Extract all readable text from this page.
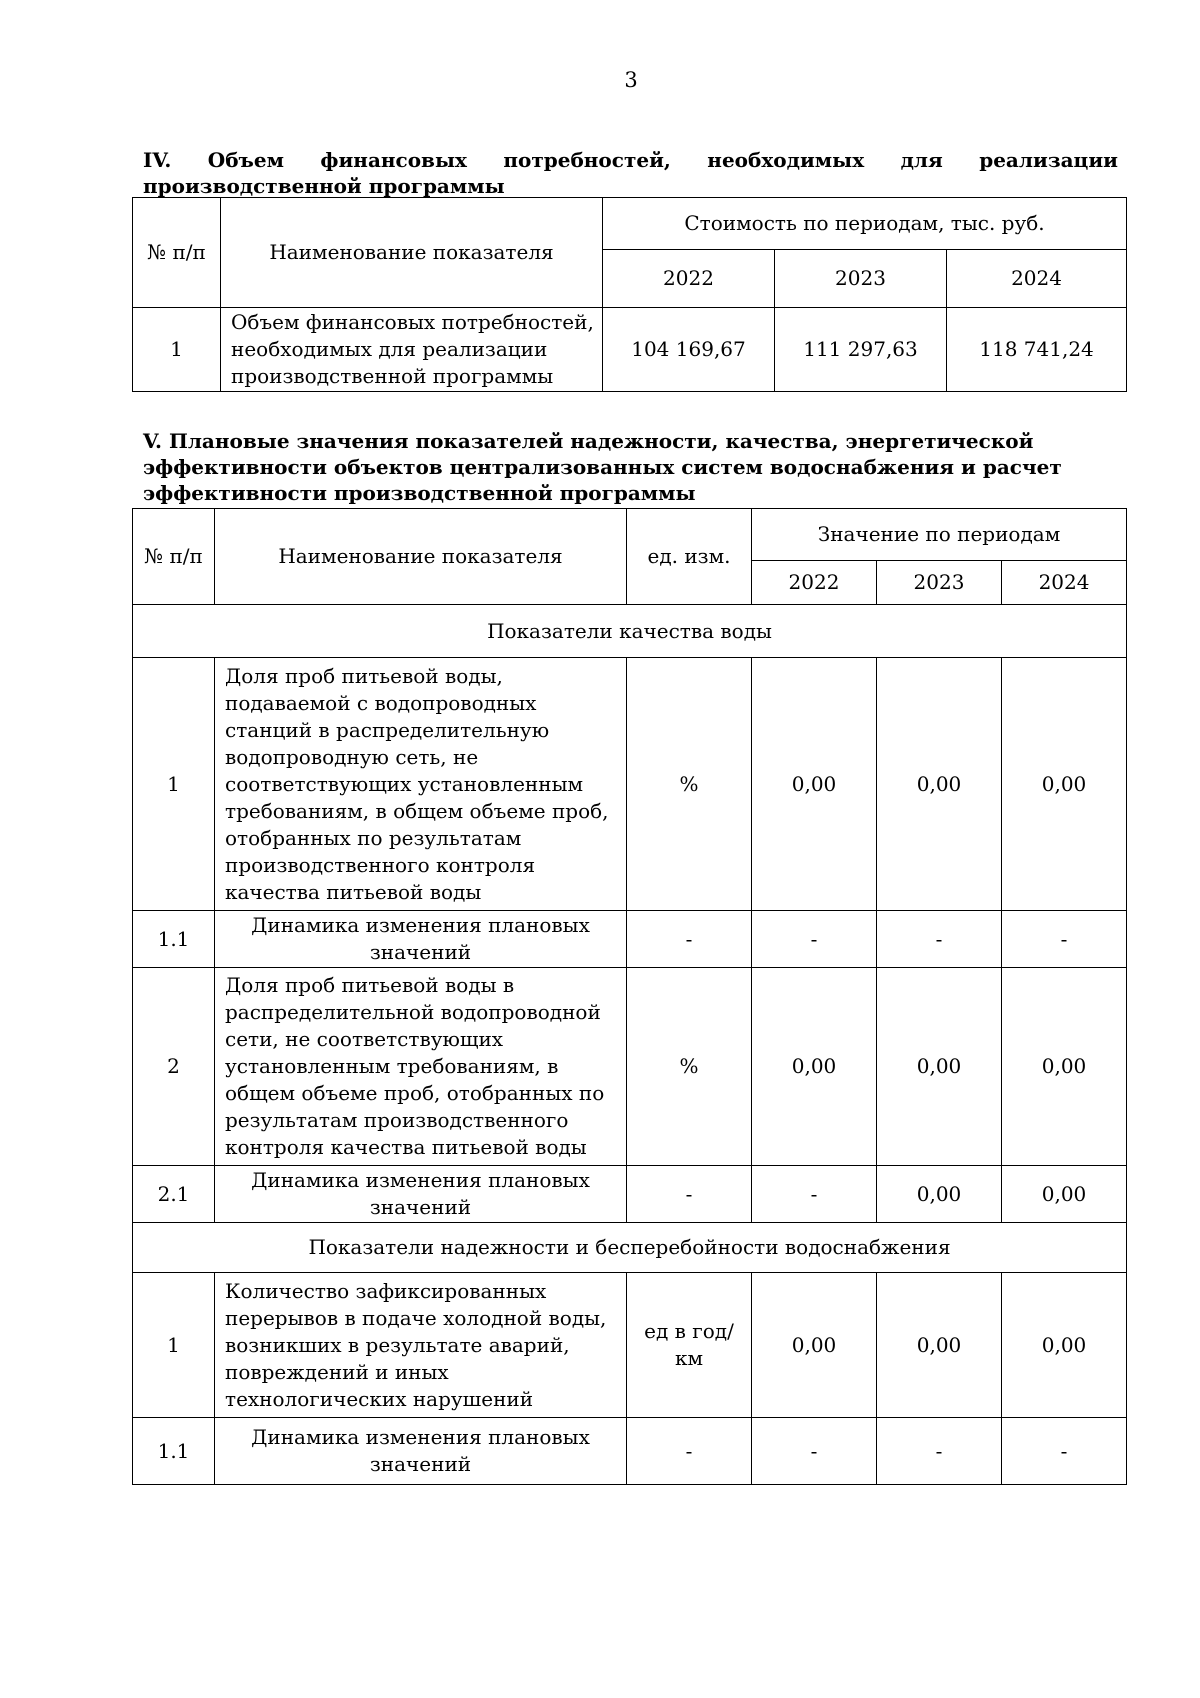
3
IV. Объем финансовых потребностей, необходимых для реализации производственной программы
№ п/п	Наименование показателя	Стоимость по периодам, тыс. руб.		
		2022	2023	2024
1	Объем финансовых потребностей, необходимых для реализации производственной программы	104 169,67	111 297,63	118 741,24
V. Плановые значения показателей надежности, качества, энергетической эффективности объектов централизованных систем водоснабжения и расчет эффективности производственной программы
№ п/п	Наименование показателя	ед. изм.	Значение по периодам		
			2022	2023	2024
Показатели качества воды					
1	Доля проб питьевой воды, подаваемой с водопроводных станций в распределительную водопроводную сеть, не соответствующих установленным требованиям, в общем объеме проб, отобранных по результатам производственного контроля качества питьевой воды	%	0,00	0,00	0,00
1.1	Динамика изменения плановых значений	-	-	-	-
2	Доля проб питьевой воды в распределительной водопроводной сети, не соответствующих установленным требованиям, в общем объеме проб, отобранных по результатам производственного контроля качества питьевой воды	%	0,00	0,00	0,00
2.1	Динамика изменения плановых значений	-	-	0,00	0,00
Показатели надежности и бесперебойности водоснабжения					
1	Количество зафиксированных перерывов в подаче холодной воды, возникших в результате аварий, повреждений и иных технологических нарушений	ед в год/ км	0,00	0,00	0,00
1.1	Динамика изменения плановых значений	-	-	-	-
